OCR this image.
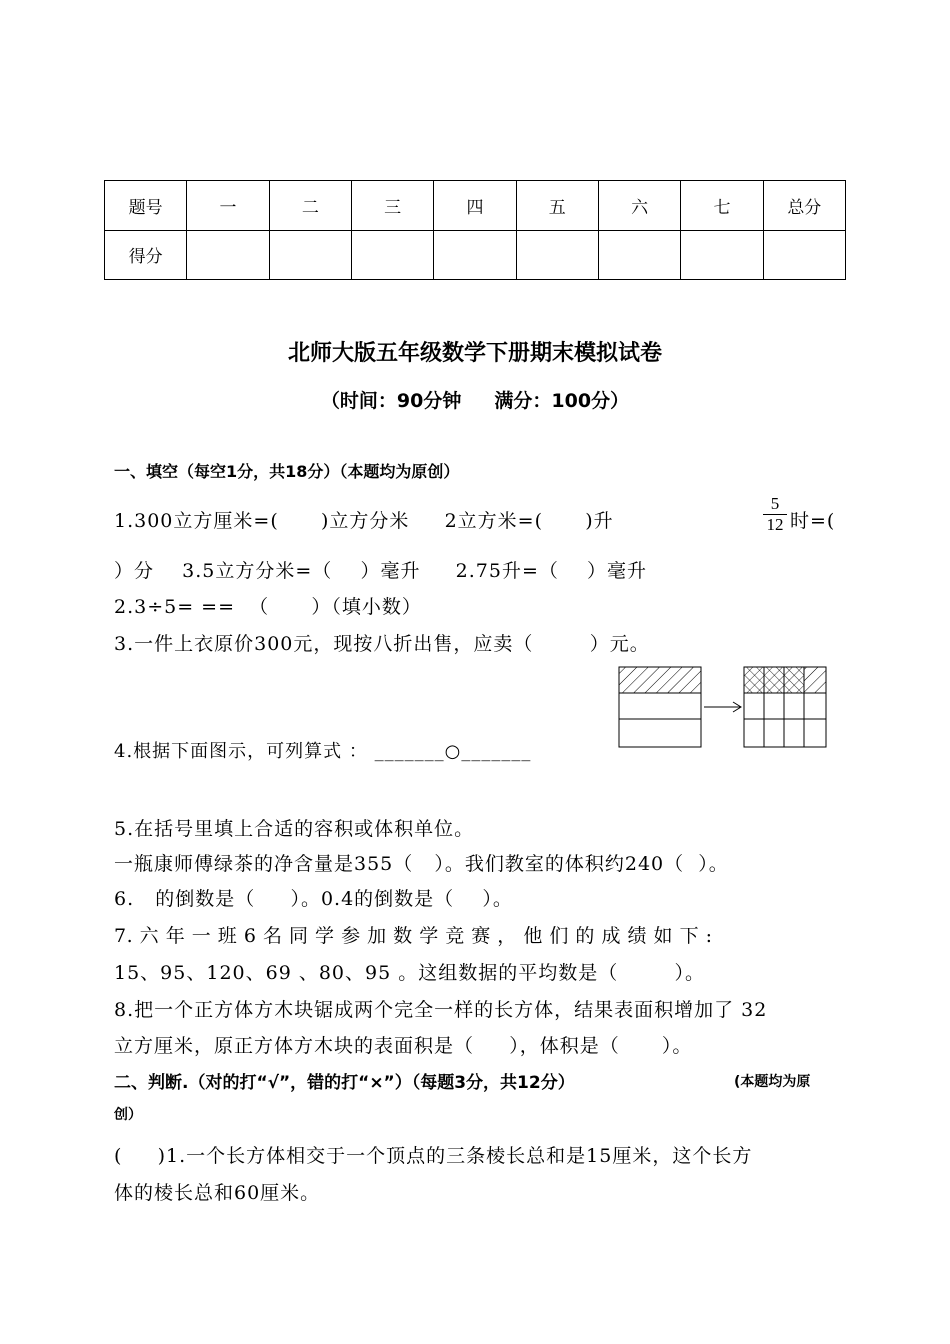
题号	一	二	三	四	五	六	七	总分
得分								
北师大版五年级数学下册期末模拟试卷
（时间：90分钟     满分：100分）
一、填空（每空1分，共18分）（本题均为原创）
1.300立方厘米=(      )立方分米     2立方米=(      )升	$\frac{5}{12}$ 时=(
）分    3.5立方分米=（    ）毫升     2.75升=（    ）毫升
2.3÷5= ==  （      ）（填小数）
3.一件上衣原价300元，现按八折出售，应卖（        ）元。
4.根据下面图示，可列算式 ： _______○_______
5.在括号里填上合适的容积或体积单位。
一瓶康师傅绿茶的净含量是355（   ）。我们教室的体积约240（  ）。
6.   的倒数是（     ）。0.4的倒数是（    ）。
7. 六 年 一 班 6 名 同 学 参 加 数 学 竞 赛 ， 他 们 的 成 绩 如 下 :
15、95、120、69 、80、95 。这组数据的平均数是（        ）。
8.把一个正方体方木块锯成两个完全一样的长方体，结果表面积增加了 32
立方厘米，原正方体方木块的表面积是（     ），体积是（      ）。
二、判断.（对的打“√”，错的打“×”）（每题3分，共12分）	(本题均为原
创）
(     )1.一个长方体相交于一个顶点的三条棱长总和是15厘米，这个长方
体的棱长总和60厘米。
